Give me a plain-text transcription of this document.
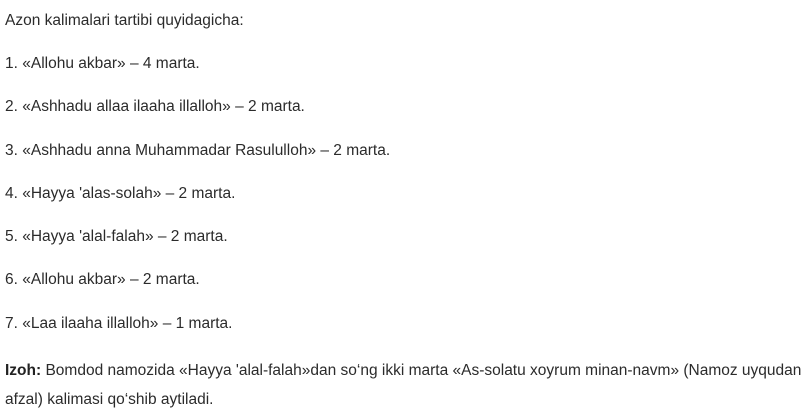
Azon kalimalari tartibi quyidagicha:
1. «Allohu akbar» – 4 marta.
2. «Ashhadu allaa ilaaha illalloh» – 2 marta.
3. «Ashhadu anna Muhammadar Rasululloh» – 2 marta.
4. «Hayya 'alas-solah» – 2 marta.
5. «Hayya 'alal-falah» – 2 marta.
6. «Allohu akbar» – 2 marta.
7. «Laa ilaaha illalloh» – 1 marta.
Izoh: Bomdod namozida «Hayya 'alal-falah»dan so‘ng ikki marta «As-solatu xoyrum minan-navm» (Namoz uyqudan afzal) kalimasi qo‘shib aytiladi.
